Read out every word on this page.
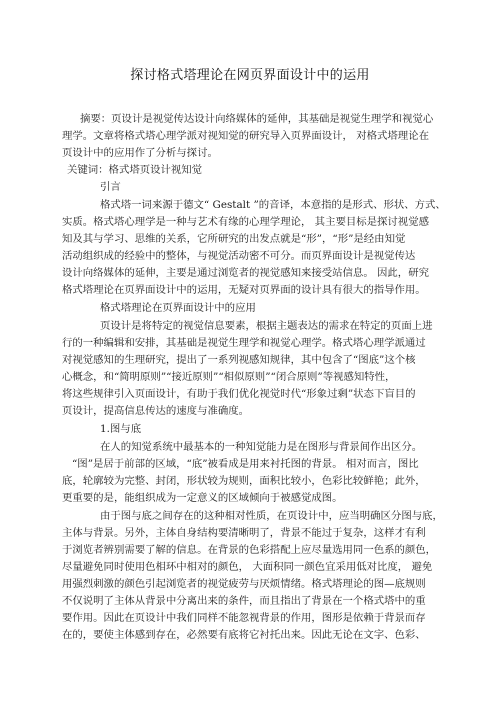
探讨格式塔理论在网页界面设计中的运用
摘要：页设计是视觉传达设计向络媒体的延伸，其基础是视觉生理学和视觉心
理学。文章将格式塔心理学派对视知觉的研究导入页界面设计， 对格式塔理论在
页设计中的应用作了分析与探讨。
关键词：格式塔页设计视知觉
引言
格式塔一词来源于德文“ Gestalt ”的音译，本意指的是形式、形状、方式、
实质。格式塔心理学是一种与艺术有缘的心理学理论， 其主要目标是探讨视觉感
知及其与学习、思维的关系，它所研究的出发点就是“形”，“形”是经由知觉
活动组织成的经验中的整体，与视觉活动密不可分。而页界面设计是视觉传达
设计向络媒体的延伸，主要是通过浏览者的视觉感知来接受站信息。 因此，研究
格式塔理论在页界面设计中的运用，无疑对页界面的设计具有很大的指导作用。
格式塔理论在页界面设计中的应用
页设计是将特定的视觉信息要素，根据主题表达的需求在特定的页面上进
行的一种编辑和安排，其基础是视觉生理学和视觉心理学。格式塔心理学派通过
对视觉感知的生理研究，提出了一系列视感知规律，其中包含了“图底”这个核
心概念，和“简明原则”“接近原则”“相似原则”“闭合原则”等视感知特性，
将这些规律引入页面设计，有助于我们优化视觉时代“形象过剩”状态下盲目的
页设计，提高信息传达的速度与准确度。
1.图与底
在人的知觉系统中最基本的一种知觉能力是在图形与背景间作出区分。
“图”是居于前部的区域，“底”被看成是用来衬托图的背景。 相对而言，图比
底，轮廓较为完整、封闭，形状较为规则，面积比较小，色彩比较鲜艳；此外，
更重要的是，能组织成为一定意义的区域倾向于被感觉成图。
由于图与底之间存在的这种相对性质，在页设计中，应当明确区分图与底，
主体与背景。另外，主体自身结构要清晰明了，背景不能过于复杂，这样才有利
于浏览者辨别需要了解的信息。在背景的色彩搭配上应尽量选用同一色系的颜色，
尽量避免同时使用色相环中相对的颜色， 大面积同一颜色宜采用低对比度， 避免
用强烈刺激的颜色引起浏览者的视觉疲劳与厌烦情绪。格式塔理论的图—底规则
不仅说明了主体从背景中分离出来的条件，而且指出了背景在一个格式塔中的重
要作用。因此在页设计中我们同样不能忽视背景的作用，图形是依赖于背景而存
在的，要使主体感到存在，必然要有底将它衬托出来。因此无论在文字、色彩、
